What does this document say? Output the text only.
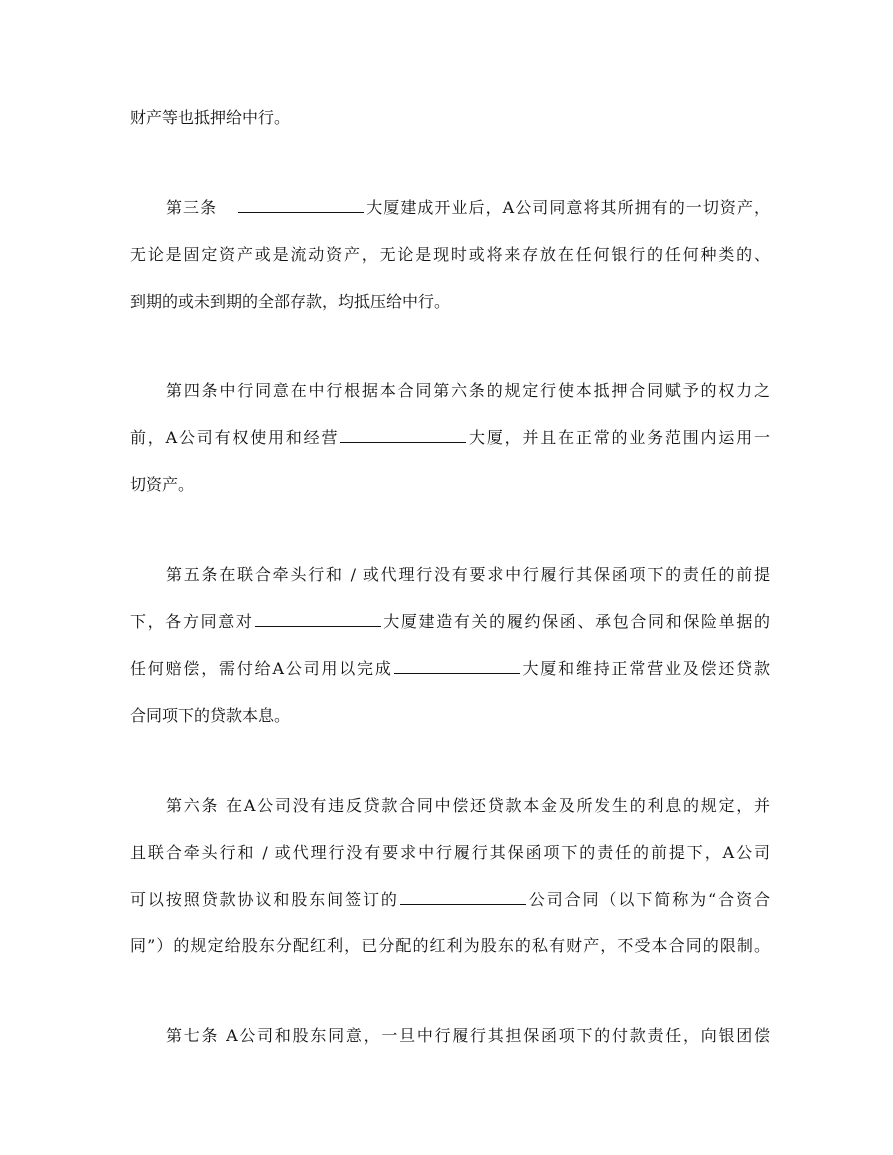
财产等也抵押给中行。
第三条	大厦建成开业后，A公司同意将其所拥有的一切资产，
无论是固定资产或是流动资产，无论是现时或将来存放在任何银行的任何种类的、
到期的或未到期的全部存款，均抵压给中行。
第四条中行同意在中行根据本合同第六条的规定行使本抵押合同赋予的权力之
前，A公司有权使用和经营	大厦，并且在正常的业务范围内运用一
切资产。
第五条在联合牵头行和 / 或代理行没有要求中行履行其保函项下的责任的前提
下，各方同意对	大厦建造有关的履约保函、承包合同和保险单据的
任何赔偿，需付给A公司用以完成	大厦和维持正常营业及偿还贷款
合同项下的贷款本息。
第六条 在A公司没有违反贷款合同中偿还贷款本金及所发生的利息的规定，并
且联合牵头行和 / 或代理行没有要求中行履行其保函项下的责任的前提下，A公司
可以按照贷款协议和股东间签订的	公司合同（以下简称为“合资合
同”）的规定给股东分配红利，已分配的红利为股东的私有财产，不受本合同的限制。
第七条 A公司和股东同意，一旦中行履行其担保函项下的付款责任，向银团偿
